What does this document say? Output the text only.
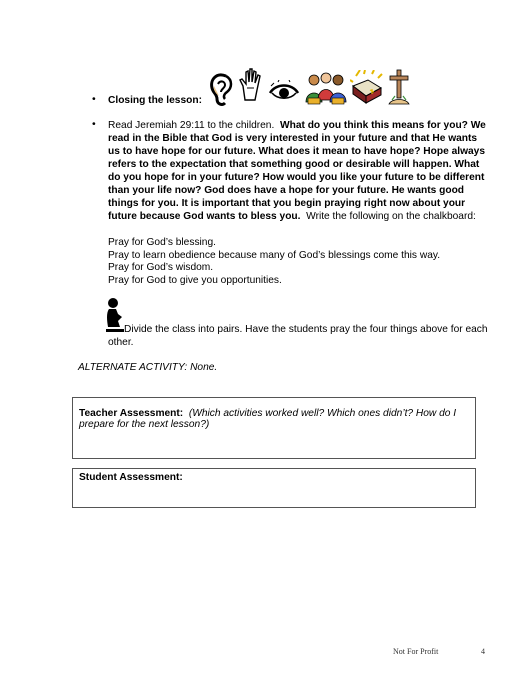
• Closing the lesson:
• Read Jeremiah 29:11 to the children. What do you think this means for you? We read in the Bible that God is very interested in your future and that He wants us to have hope for our future. What does it mean to have hope? Hope always refers to the expectation that something good or desirable will happen. What do you hope for in your future? How would you like your future to be different than your life now? God does have a hope for your future. He wants good things for you. It is important that you begin praying right now about your future because God wants to bless you. Write the following on the chalkboard:
Pray for God’s blessing.
Pray to learn obedience because many of God’s blessings come this way.
Pray for God’s wisdom.
Pray for God to give you opportunities.
Divide the class into pairs. Have the students pray the four things above for each other.
ALTERNATE ACTIVITY: None.
Teacher Assessment: (Which activities worked well? Which ones didn’t? How do I prepare for the next lesson?)
Student Assessment:
Not For Profit	4
